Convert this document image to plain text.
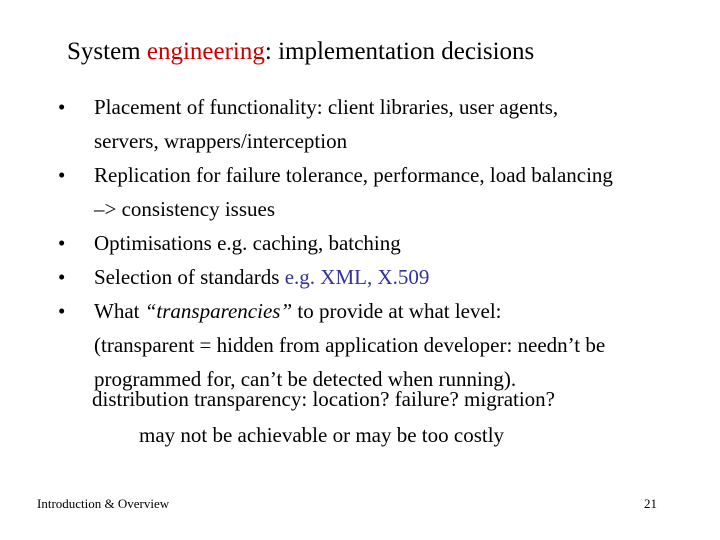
System engineering: implementation decisions
• Placement of functionality: client libraries, user agents,
servers, wrappers/interception
• Replication for failure tolerance, performance, load balancing
–> consistency issues
• Optimisations e.g. caching, batching
• Selection of standards e.g. XML, X.509
• What “transparencies” to provide at what level:
(transparent = hidden from application developer: needn’t be
programmed for, can’t be detected when running).
distribution transparency: location? failure? migration?
may not be achievable or may be too costly
Introduction & Overview	21
